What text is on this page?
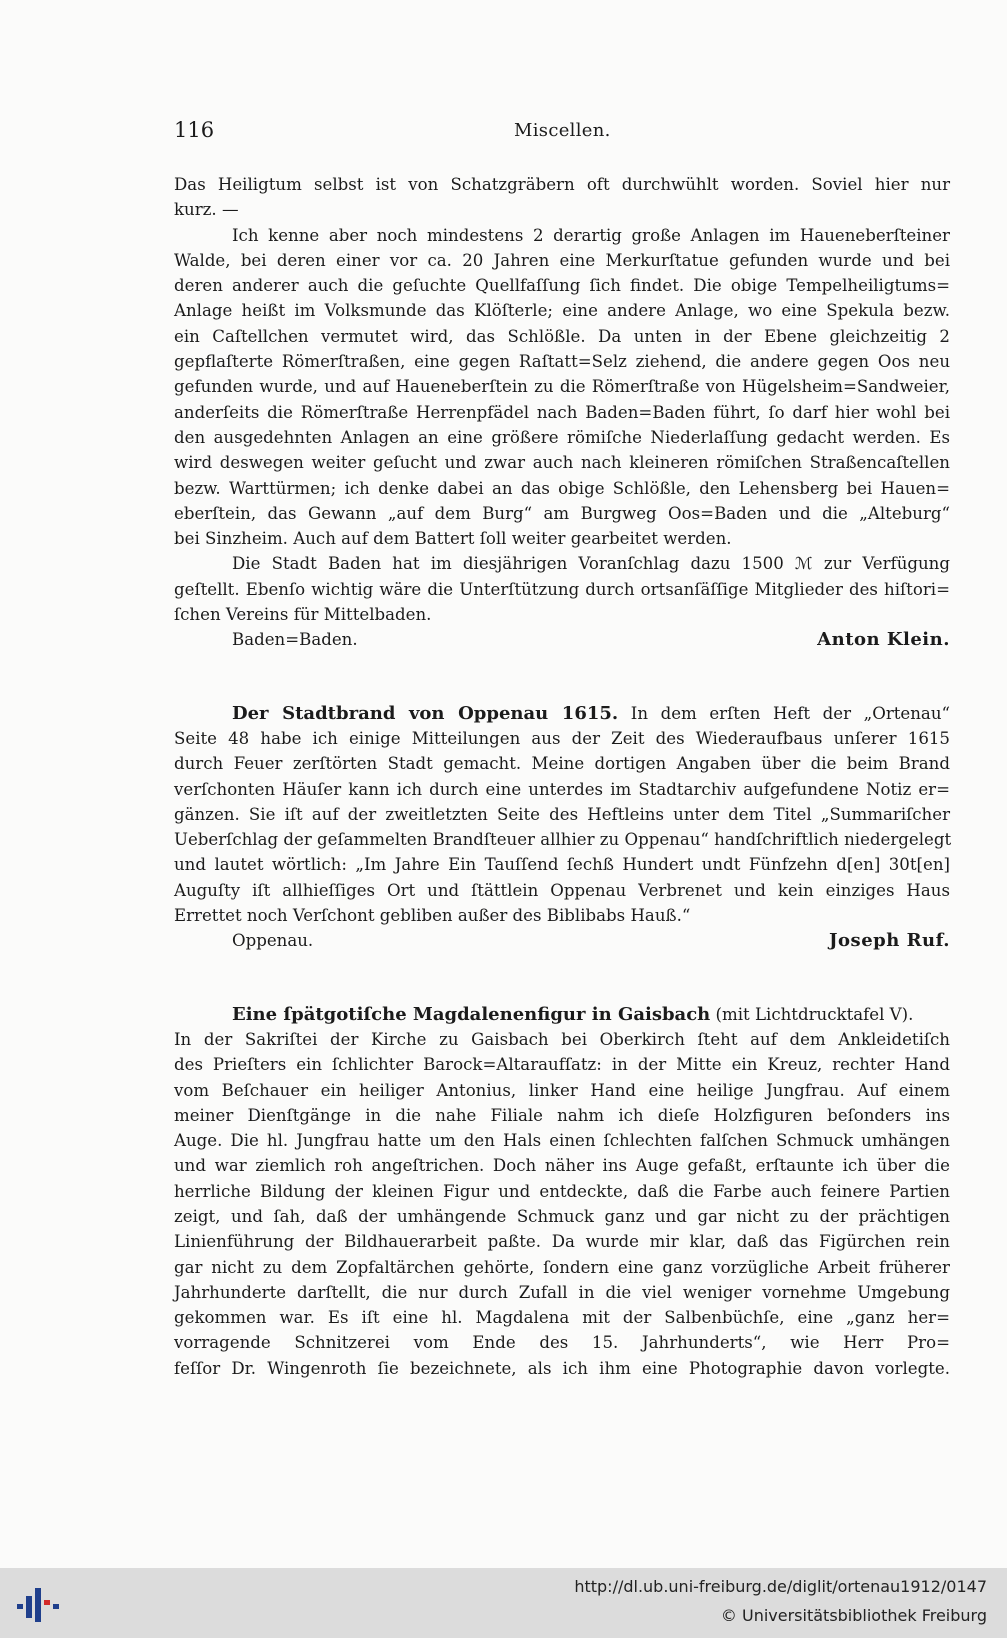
116	Miscellen.
Das Heiligtum selbst ist von Schatzgräbern oft durchwühlt worden. Soviel hier nur
kurz. —
Ich kenne aber noch mindestens 2 derartig große Anlagen im Haueneberſteiner
Walde, bei deren einer vor ca. 20 Jahren eine Merkurſtatue gefunden wurde und bei
deren anderer auch die geſuchte Quellfaſſung ſich findet. Die obige Tempelheiligtums=
Anlage heißt im Volksmunde das Klöſterle; eine andere Anlage, wo eine Spekula bezw.
ein Caſtellchen vermutet wird, das Schlößle. Da unten in der Ebene gleichzeitig 2
gepflaſterte Römerſtraßen, eine gegen Raſtatt=Selz ziehend, die andere gegen Oos neu
gefunden wurde, und auf Haueneberſtein zu die Römerſtraße von Hügelsheim=Sandweier,
anderſeits die Römerſtraße Herrenpfädel nach Baden=Baden führt, ſo darf hier wohl bei
den ausgedehnten Anlagen an eine größere römiſche Niederlaſſung gedacht werden. Es
wird deswegen weiter geſucht und zwar auch nach kleineren römiſchen Straßencaſtellen
bezw. Warttürmen; ich denke dabei an das obige Schlößle, den Lehensberg bei Hauen=
eberſtein, das Gewann „auf dem Burg“ am Burgweg Oos=Baden und die „Alteburg“
bei Sinzheim. Auch auf dem Battert ſoll weiter gearbeitet werden.
Die Stadt Baden hat im diesjährigen Voranſchlag dazu 1500 ℳ zur Verfügung
geſtellt. Ebenſo wichtig wäre die Unterſtützung durch ortsanſäſſige Mitglieder des hiſtori=
ſchen Vereins für Mittelbaden.
Baden=Baden.	Anton Klein.
Der Stadtbrand von Oppenau 1615. In dem erſten Heft der „Ortenau“
Seite 48 habe ich einige Mitteilungen aus der Zeit des Wiederaufbaus unſerer 1615
durch Feuer zerſtörten Stadt gemacht. Meine dortigen Angaben über die beim Brand
verſchonten Häuſer kann ich durch eine unterdes im Stadtarchiv aufgefundene Notiz er=
gänzen. Sie iſt auf der zweitletzten Seite des Heftleins unter dem Titel „Summariſcher
Ueberſchlag der geſammelten Brandſteuer allhier zu Oppenau“ handſchriftlich niedergelegt
und lautet wörtlich: „Im Jahre Ein Tauſſend ſechß Hundert undt Fünfzehn d[en] 30t[en]
Auguſty iſt allhieſſiges Ort und ſtättlein Oppenau Verbrenet und kein einziges Haus
Errettet noch Verſchont gebliben außer des Biblibabs Hauß.“
Oppenau.	Joseph Ruf.
Eine ſpätgotiſche Magdalenenfigur in Gaisbach (mit Lichtdrucktafel V).
In der Sakriſtei der Kirche zu Gaisbach bei Oberkirch ſteht auf dem Ankleidetiſch
des Prieſters ein ſchlichter Barock=Altaraufſatz: in der Mitte ein Kreuz, rechter Hand
vom Beſchauer ein heiliger Antonius, linker Hand eine heilige Jungfrau. Auf einem
meiner Dienſtgänge in die nahe Filiale nahm ich dieſe Holzfiguren beſonders ins
Auge. Die hl. Jungfrau hatte um den Hals einen ſchlechten falſchen Schmuck umhängen
und war ziemlich roh angeſtrichen. Doch näher ins Auge gefaßt, erſtaunte ich über die
herrliche Bildung der kleinen Figur und entdeckte, daß die Farbe auch feinere Partien
zeigt, und ſah, daß der umhängende Schmuck ganz und gar nicht zu der prächtigen
Linienführung der Bildhauerarbeit paßte. Da wurde mir klar, daß das Figürchen rein
gar nicht zu dem Zopfaltärchen gehörte, ſondern eine ganz vorzügliche Arbeit früherer
Jahrhunderte darſtellt, die nur durch Zufall in die viel weniger vornehme Umgebung
gekommen war. Es iſt eine hl. Magdalena mit der Salbenbüchſe, eine „ganz her=
vorragende Schnitzerei vom Ende des 15. Jahrhunderts“, wie Herr Pro=
feſſor Dr. Wingenroth ſie bezeichnete, als ich ihm eine Photographie davon vorlegte.
http://dl.ub.uni-freiburg.de/diglit/ortenau1912/0147
© Universitätsbibliothek Freiburg
